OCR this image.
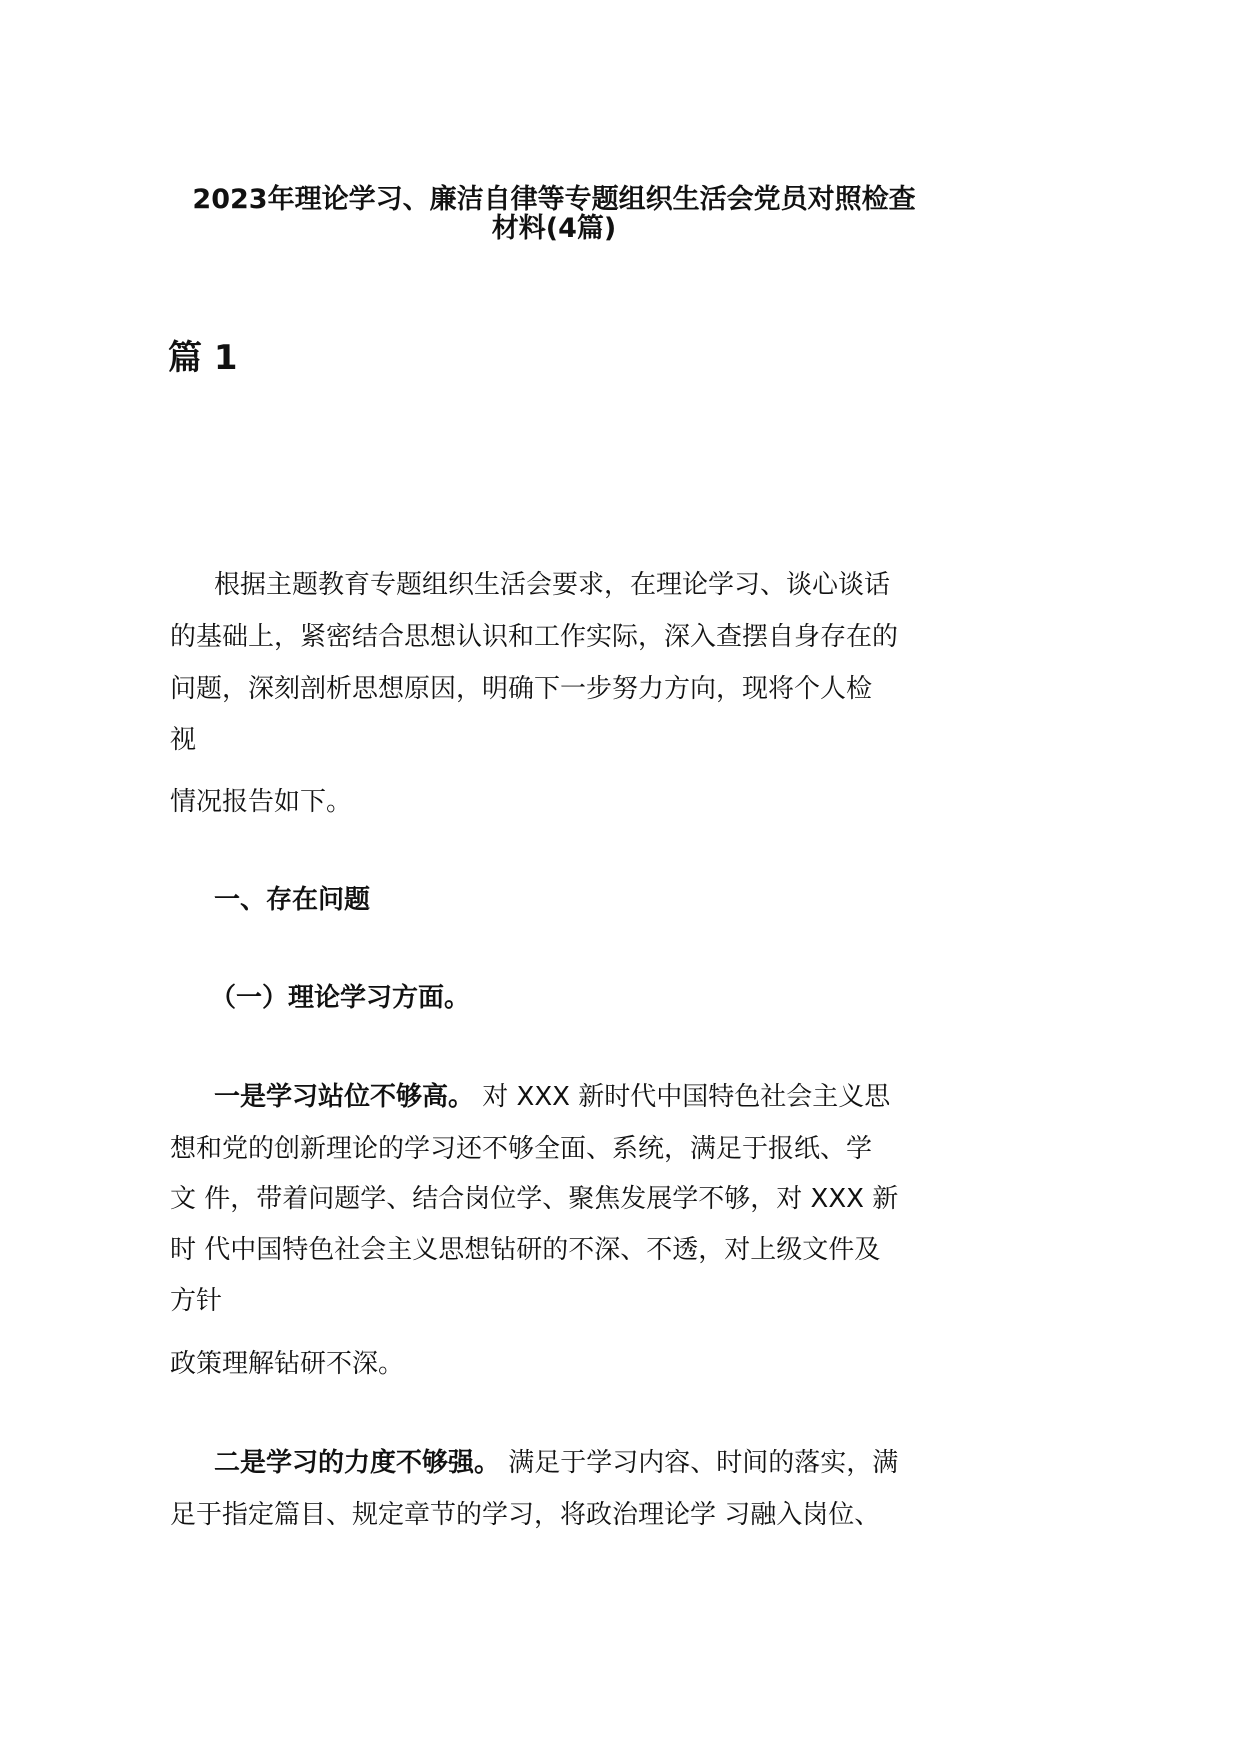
2023年理论学习、廉洁自律等专题组织生活会党员对照检查
材料(4篇)
篇 1
根据主题教育专题组织生活会要求，在理论学习、谈心谈话
的基础上，紧密结合思想认识和工作实际，深入查摆自身存在的
问题，深刻剖析思想原因，明确下一步努力方向，现将个人检
视
情况报告如下。
一、存在问题
（一）理论学习方面。
一是学习站位不够高。 对 XXX 新时代中国特色社会主义思
想和党的创新理论的学习还不够全面、系统，满足于报纸、学
文 件，带着问题学、结合岗位学、聚焦发展学不够，对 XXX 新
时 代中国特色社会主义思想钻研的不深、不透，对上级文件及
方针
政策理解钻研不深。
二是学习的力度不够强。 满足于学习内容、时间的落实，满
足于指定篇目、规定章节的学习，将政治理论学 习融入岗位、
